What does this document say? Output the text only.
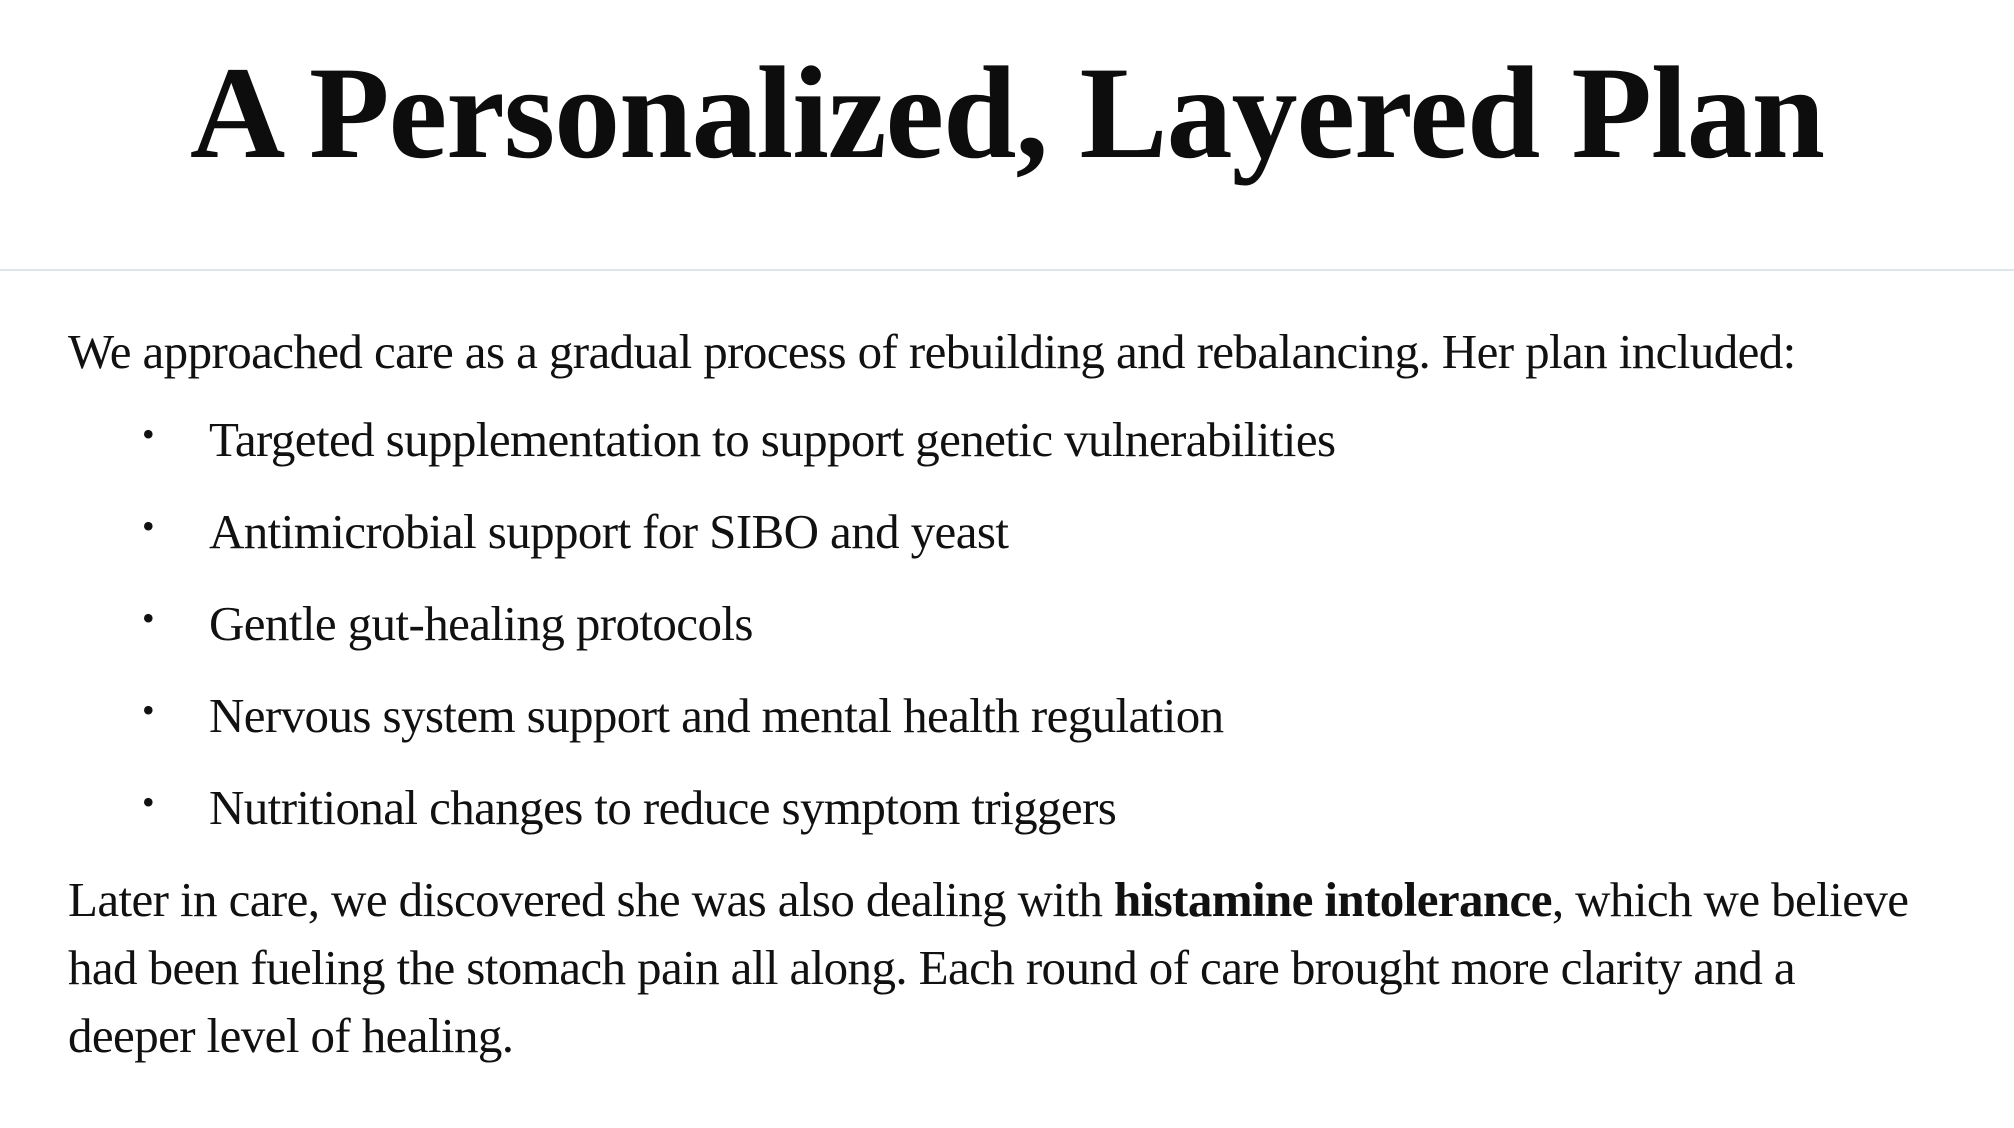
A Personalized, Layered Plan

We approached care as a gradual process of rebuilding and rebalancing. Her plan included:

• Targeted supplementation to support genetic vulnerabilities
• Antimicrobial support for SIBO and yeast
• Gentle gut-healing protocols
• Nervous system support and mental health regulation
• Nutritional changes to reduce symptom triggers

Later in care, we discovered she was also dealing with histamine intolerance, which we believe
had been fueling the stomach pain all along. Each round of care brought more clarity and a
deeper level of healing.
